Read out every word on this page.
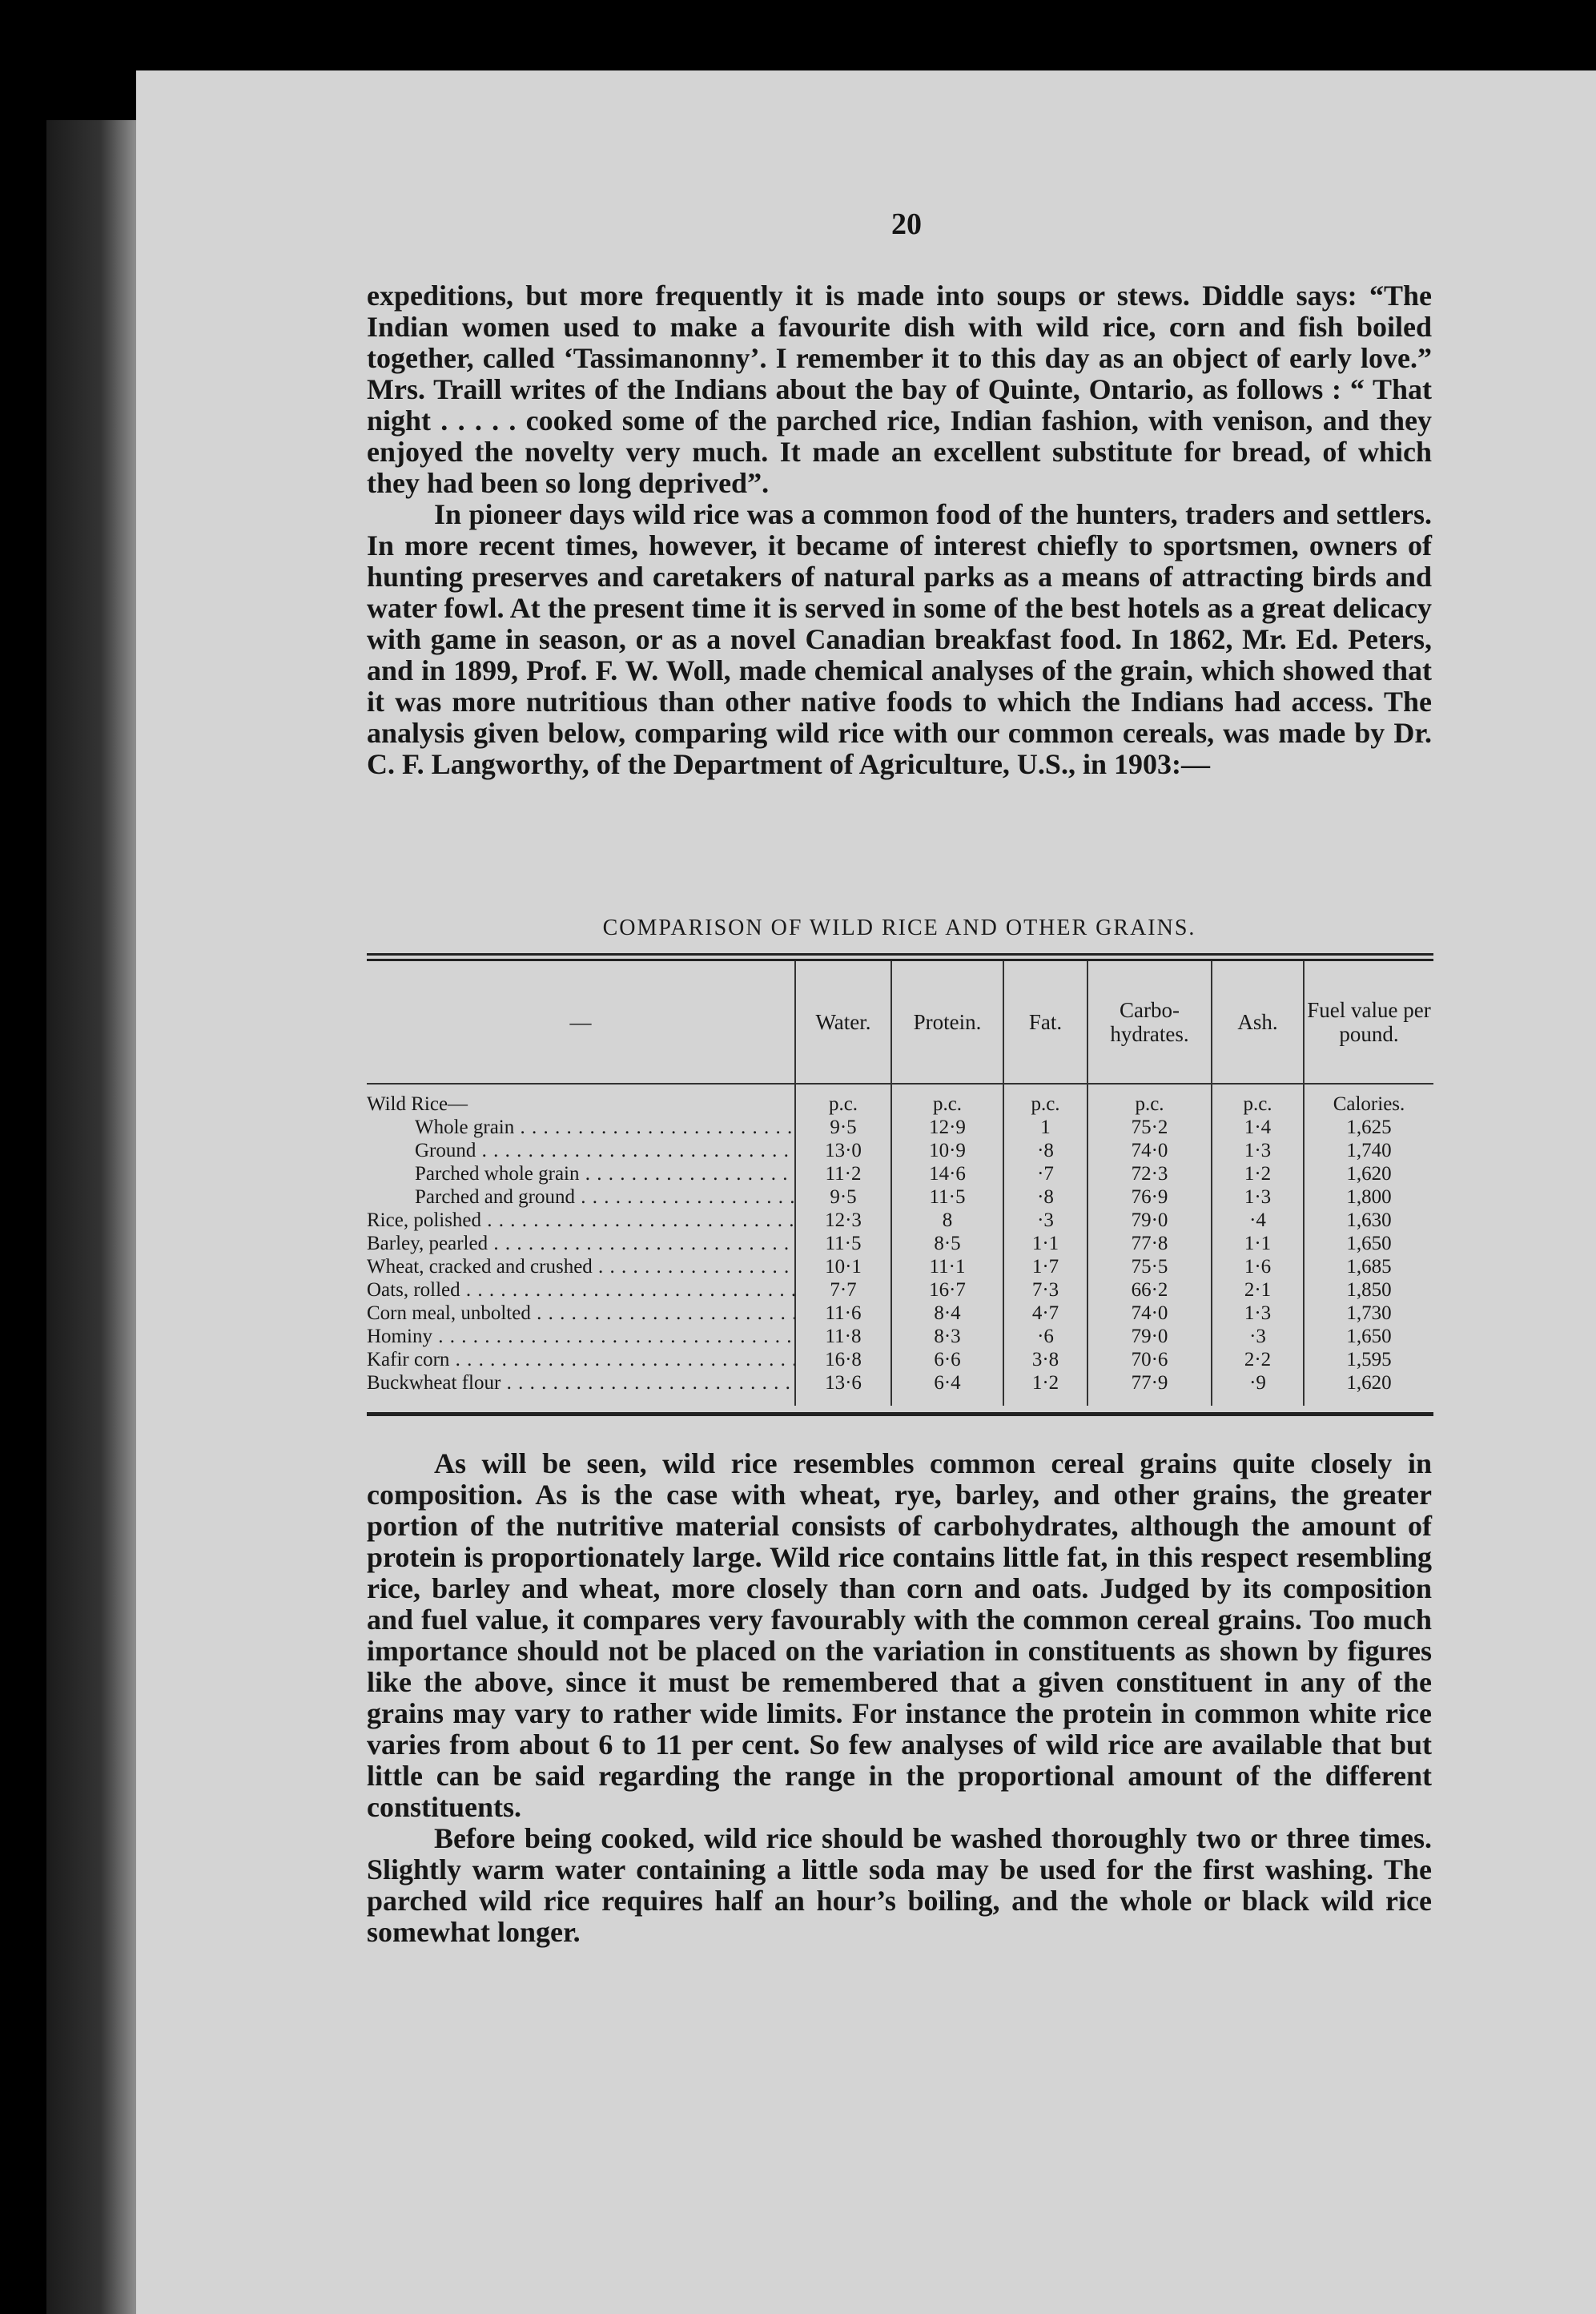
20

expeditions, but more frequently it is made into soups or stews. Diddle says: “The Indian women used to make a favourite dish with wild rice, corn and fish boiled together, called ‘Tassimanonny’. I remember it to this day as an object of early love.” Mrs. Traill writes of the Indians about the bay of Quinte, Ontario, as follows : “ That night . . . . . cooked some of the parched rice, Indian fashion, with venison, and they enjoyed the novelty very much. It made an excellent substitute for bread, of which they had been so long deprived”.

In pioneer days wild rice was a common food of the hunters, traders and settlers. In more recent times, however, it became of interest chiefly to sportsmen, owners of hunting preserves and caretakers of natural parks as a means of attracting birds and water fowl. At the present time it is served in some of the best hotels as a great delicacy with game in season, or as a novel Canadian breakfast food. In 1862, Mr. Ed. Peters, and in 1899, Prof. F. W. Woll, made chemical analyses of the grain, which showed that it was more nutritious than other native foods to which the Indians had access. The analysis given below, comparing wild rice with our common cereals, was made by Dr. C. F. Langworthy, of the Department of Agriculture, U.S., in 1903:—

COMPARISON OF WILD RICE AND OTHER GRAINS.
—	Water.	Protein.	Fat.	Carbo-hydrates.	Ash.	Fuel value per pound.
Wild Rice—	p.c.	p.c.	p.c.	p.c.	p.c.	Calories.
Whole grain . . .	9·5	12·9	1	75·2	1·4	1,625
Ground . . .	13·0	10·9	·8	74·0	1·3	1,740
Parched whole grain . . .	11·2	14·6	·7	72·3	1·2	1,620
Parched and ground . . .	9·5	11·5	·8	76·9	1·3	1,800
Rice, polished . . .	12·3	8	·3	79·0	·4	1,630
Barley, pearled . . .	11·5	8·5	1·1	77·8	1·1	1,650
Wheat, cracked and crushed . . .	10·1	11·1	1·7	75·5	1·6	1,685
Oats, rolled . . .	7·7	16·7	7·3	66·2	2·1	1,850
Corn meal, unbolted . . .	11·6	8·4	4·7	74·0	1·3	1,730
Hominy . . .	11·8	8·3	·6	79·0	·3	1,650
Kafir corn . . .	16·8	6·6	3·8	70·6	2·2	1,595
Buckwheat flour . . .	13·6	6·4	1·2	77·9	·9	1,620

As will be seen, wild rice resembles common cereal grains quite closely in composition. As is the case with wheat, rye, barley, and other grains, the greater portion of the nutritive material consists of carbohydrates, although the amount of protein is proportionately large. Wild rice contains little fat, in this respect resembling rice, barley and wheat, more closely than corn and oats. Judged by its composition and fuel value, it compares very favourably with the common cereal grains. Too much importance should not be placed on the variation in constituents as shown by figures like the above, since it must be remembered that a given constituent in any of the grains may vary to rather wide limits. For instance the protein in common white rice varies from about 6 to 11 per cent. So few analyses of wild rice are available that but little can be said regarding the range in the proportional amount of the different constituents.

Before being cooked, wild rice should be washed thoroughly two or three times. Slightly warm water containing a little soda may be used for the first washing. The parched wild rice requires half an hour’s boiling, and the whole or black wild rice somewhat longer.
